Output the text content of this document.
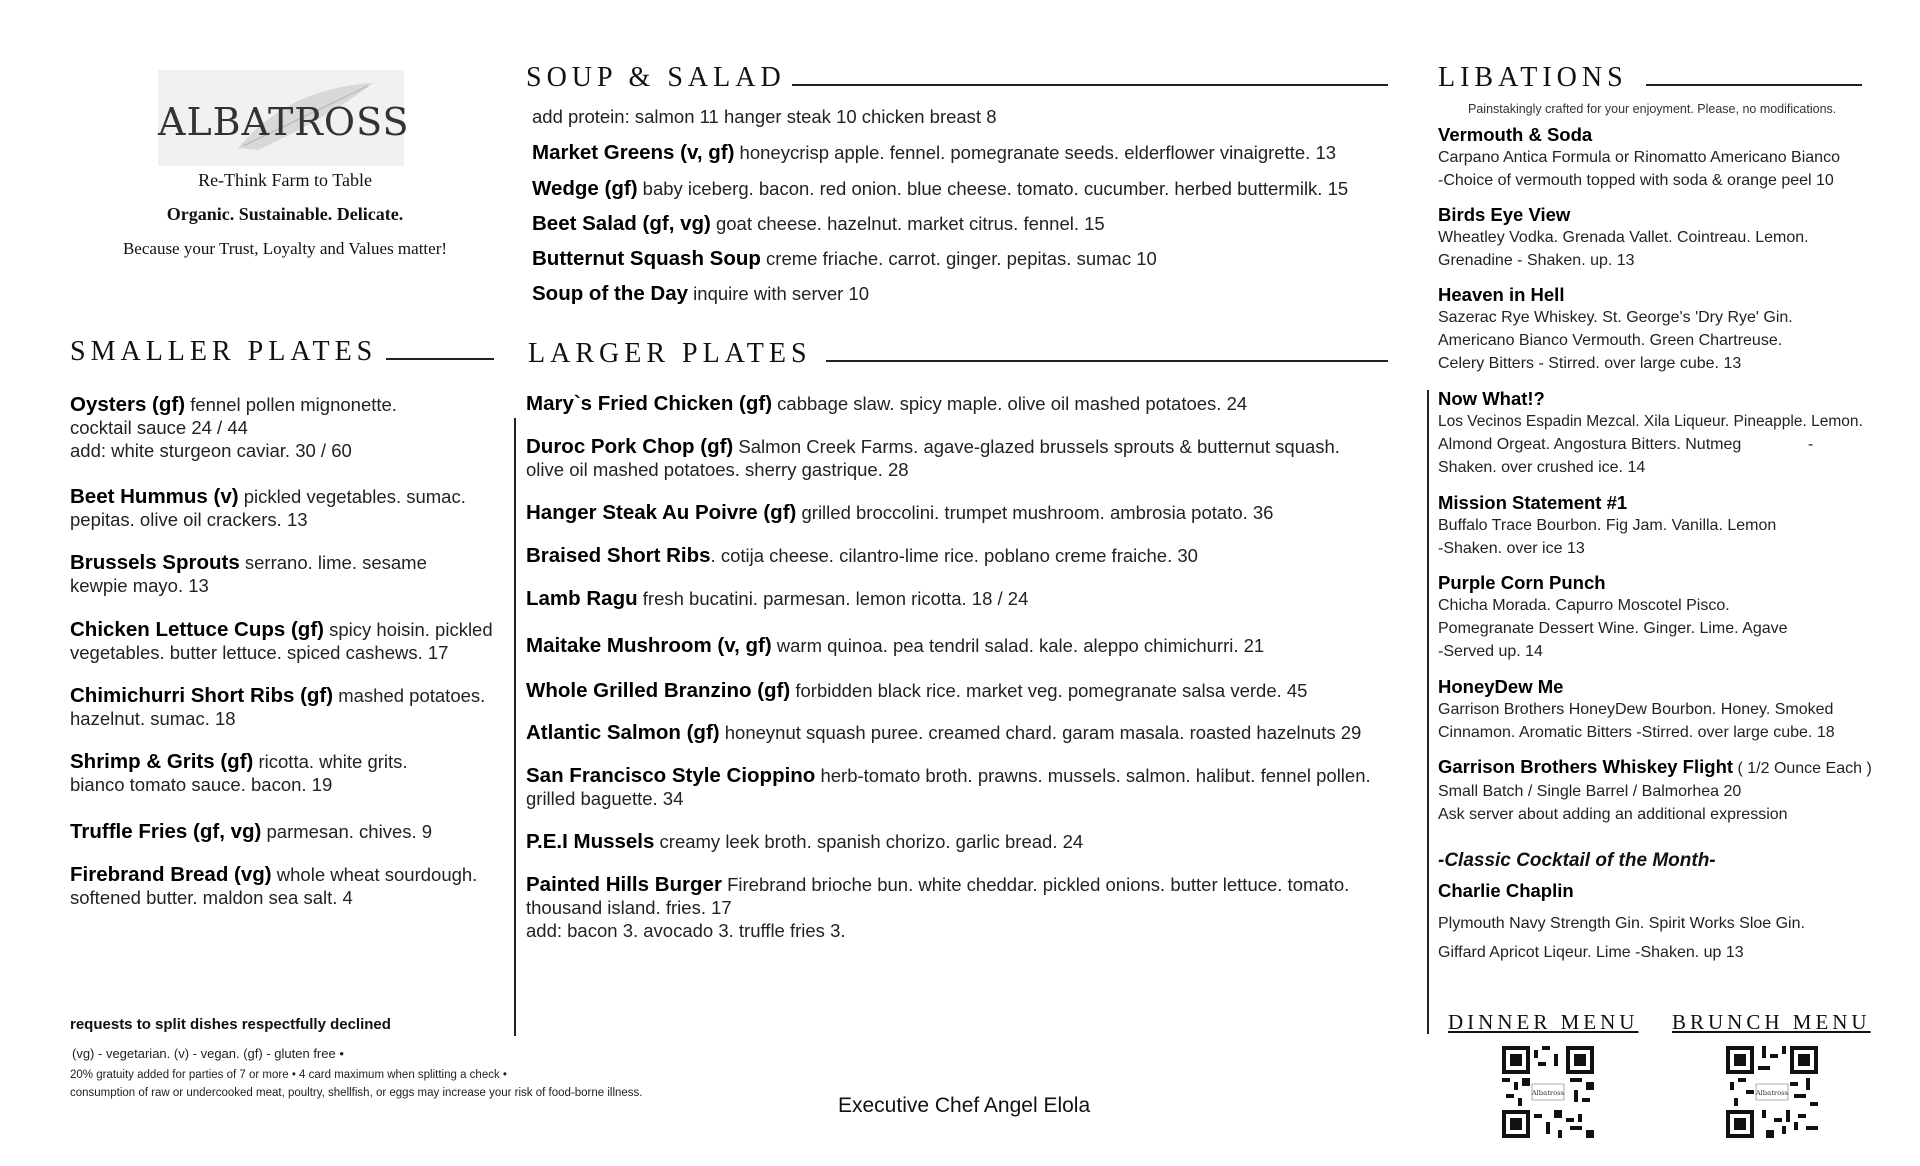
ALBATROSS
Re-Think Farm to Table
Organic. Sustainable. Delicate.
Because your Trust, Loyalty and Values matter!
SOUP & SALAD
add protein: salmon 11 hanger steak 10 chicken breast 8
Market Greens (v, gf) honeycrisp apple. fennel. pomegranate seeds. elderflower vinaigrette. 13
Wedge (gf) baby iceberg. bacon. red onion. blue cheese. tomato. cucumber. herbed buttermilk. 15
Beet Salad (gf, vg) goat cheese. hazelnut. market citrus. fennel. 15
Butternut Squash Soup creme friache. carrot. ginger. pepitas. sumac 10
Soup of the Day inquire with server 10
SMALLER PLATES
Oysters (gf) fennel pollen mignonette.
cocktail sauce 24 / 44
add: white sturgeon caviar. 30 / 60
Beet Hummus (v) pickled vegetables. sumac.
pepitas. olive oil crackers. 13
Brussels Sprouts serrano. lime. sesame
kewpie mayo. 13
Chicken Lettuce Cups (gf) spicy hoisin. pickled
vegetables. butter lettuce. spiced cashews. 17
Chimichurri Short Ribs (gf) mashed potatoes.
hazelnut. sumac. 18
Shrimp & Grits (gf) ricotta. white grits.
bianco tomato sauce. bacon. 19
Truffle Fries (gf, vg) parmesan. chives. 9
Firebrand Bread (vg) whole wheat sourdough.
softened butter. maldon sea salt. 4
LARGER PLATES
Mary`s Fried Chicken (gf) cabbage slaw. spicy maple. olive oil mashed potatoes. 24
Duroc Pork Chop (gf) Salmon Creek Farms. agave-glazed brussels sprouts & butternut squash.
olive oil mashed potatoes. sherry gastrique. 28
Hanger Steak Au Poivre (gf) grilled broccolini. trumpet mushroom. ambrosia potato. 36
Braised Short Ribs. cotija cheese. cilantro-lime rice. poblano creme fraiche. 30
Lamb Ragu fresh bucatini. parmesan. lemon ricotta. 18 / 24
Maitake Mushroom (v, gf) warm quinoa. pea tendril salad. kale. aleppo chimichurri. 21
Whole Grilled Branzino (gf) forbidden black rice. market veg. pomegranate salsa verde. 45
Atlantic Salmon (gf) honeynut squash puree. creamed chard. garam masala. roasted hazelnuts 29
San Francisco Style Cioppino herb-tomato broth. prawns. mussels. salmon. halibut. fennel pollen.
grilled baguette. 34
P.E.I Mussels creamy leek broth. spanish chorizo. garlic bread. 24
Painted Hills Burger Firebrand brioche bun. white cheddar. pickled onions. butter lettuce. tomato.
thousand island. fries. 17
add: bacon 3. avocado 3. truffle fries 3.
LIBATIONS
Painstakingly crafted for your enjoyment. Please, no modifications.
Vermouth & Soda
Carpano Antica Formula or Rinomatto Americano Bianco
-Choice of vermouth topped with soda & orange peel 10
Birds Eye View
Wheatley Vodka. Grenada Vallet. Cointreau. Lemon.
Grenadine - Shaken. up. 13
Heaven in Hell
Sazerac Rye Whiskey. St. George's 'Dry Rye' Gin.
Americano Bianco Vermouth. Green Chartreuse.
Celery Bitters - Stirred. over large cube. 13
Now What!?
Los Vecinos Espadin Mezcal. Xila Liqueur. Pineapple. Lemon.
Almond Orgeat. Angostura Bitters. Nutmeg               -
Shaken. over crushed ice. 14
Mission Statement #1
Buffalo Trace Bourbon. Fig Jam. Vanilla. Lemon
-Shaken. over ice 13
Purple Corn Punch
Chicha Morada. Capurro Moscotel Pisco.
Pomegranate Dessert Wine. Ginger. Lime. Agave
-Served up. 14
HoneyDew Me
Garrison Brothers HoneyDew Bourbon. Honey. Smoked
Cinnamon. Aromatic Bitters -Stirred. over large cube. 18
Garrison Brothers Whiskey Flight ( 1/2 Ounce Each )
Small Batch / Single Barrel / Balmorhea 20
Ask server about adding an additional expression
-Classic Cocktail of the Month-
Charlie Chaplin
Plymouth Navy Strength Gin. Spirit Works Sloe Gin.
Giffard Apricot Liqeur. Lime -Shaken. up 13
DINNER MENU BRUNCH MENU
Albatross	Albatross
requests to split dishes respectfully declined
(vg) - vegetarian. (v) - vegan. (gf) - gluten free •
20% gratuity added for parties of 7 or more • 4 card maximum when splitting a check •
consumption of raw or undercooked meat, poultry, shellfish, or eggs may increase your risk of food-borne illness.
Executive Chef Angel Elola
